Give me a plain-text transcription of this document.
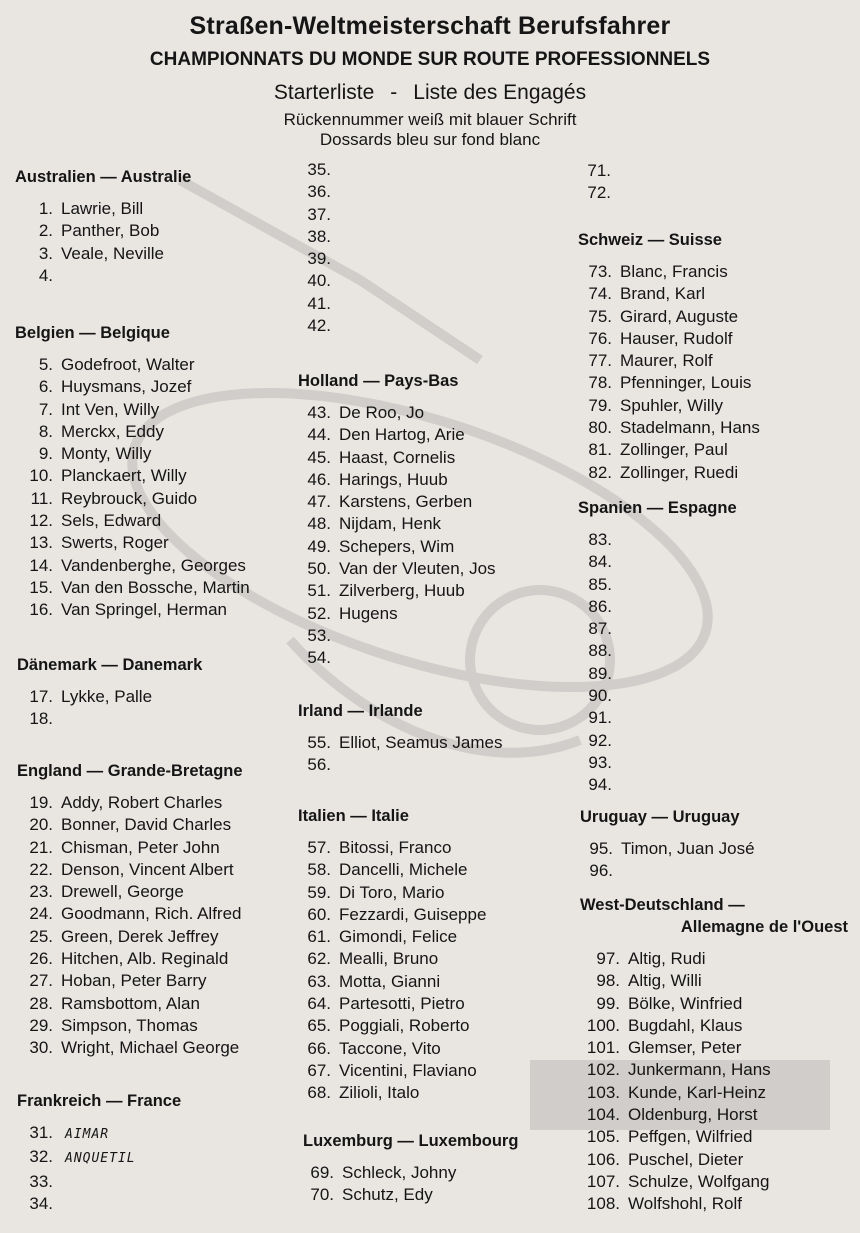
Straßen-Weltmeisterschaft Berufsfahrer
CHAMPIONNATS DU MONDE SUR ROUTE PROFESSIONNELS
Starterliste - Liste des Engagés
Rückennummer weiß mit blauer Schrift
Dossards bleu sur fond blanc
Australien — Australie
1. Lawrie, Bill
2. Panther, Bob
3. Veale, Neville
4.
Belgien — Belgique
5. Godefroot, Walter
6. Huysmans, Jozef
7. Int Ven, Willy
8. Merckx, Eddy
9. Monty, Willy
10. Planckaert, Willy
11. Reybrouck, Guido
12. Sels, Edward
13. Swerts, Roger
14. Vandenberghe, Georges
15. Van den Bossche, Martin
16. Van Springel, Herman
Dänemark — Danemark
17. Lykke, Palle
18.
England — Grande-Bretagne
19. Addy, Robert Charles
20. Bonner, David Charles
21. Chisman, Peter John
22. Denson, Vincent Albert
23. Drewell, George
24. Goodmann, Rich. Alfred
25. Green, Derek Jeffrey
26. Hitchen, Alb. Reginald
27. Hoban, Peter Barry
28. Ramsbottom, Alan
29. Simpson, Thomas
30. Wright, Michael George
Frankreich — France
31. AIMAR
32. ANQUETIL
33.
34.
35.
36.
37.
38.
39.
40.
41.
42.
Holland — Pays-Bas
43. De Roo, Jo
44. Den Hartog, Arie
45. Haast, Cornelis
46. Harings, Huub
47. Karstens, Gerben
48. Nijdam, Henk
49. Schepers, Wim
50. Van der Vleuten, Jos
51. Zilverberg, Huub
52. Hugens
53.
54.
Irland — Irlande
55. Elliot, Seamus James
56.
Italien — Italie
57. Bitossi, Franco
58. Dancelli, Michele
59. Di Toro, Mario
60. Fezzardi, Guiseppe
61. Gimondi, Felice
62. Mealli, Bruno
63. Motta, Gianni
64. Partesotti, Pietro
65. Poggiali, Roberto
66. Taccone, Vito
67. Vicentini, Flaviano
68. Zilioli, Italo
Luxemburg — Luxembourg
69. Schleck, Johny
70. Schutz, Edy
71.
72.
Schweiz — Suisse
73. Blanc, Francis
74. Brand, Karl
75. Girard, Auguste
76. Hauser, Rudolf
77. Maurer, Rolf
78. Pfenninger, Louis
79. Spuhler, Willy
80. Stadelmann, Hans
81. Zollinger, Paul
82. Zollinger, Ruedi
Spanien — Espagne
83.
84.
85.
86.
87.
88.
89.
90.
91.
92.
93.
94.
Uruguay — Uruguay
95. Timon, Juan José
96.
West-Deutschland —
Allemagne de l'Ouest
97. Altig, Rudi
98. Altig, Willi
99. Bölke, Winfried
100. Bugdahl, Klaus
101. Glemser, Peter
102. Junkermann, Hans
103. Kunde, Karl-Heinz
104. Oldenburg, Horst
105. Peffgen, Wilfried
106. Puschel, Dieter
107. Schulze, Wolfgang
108. Wolfshohl, Rolf
